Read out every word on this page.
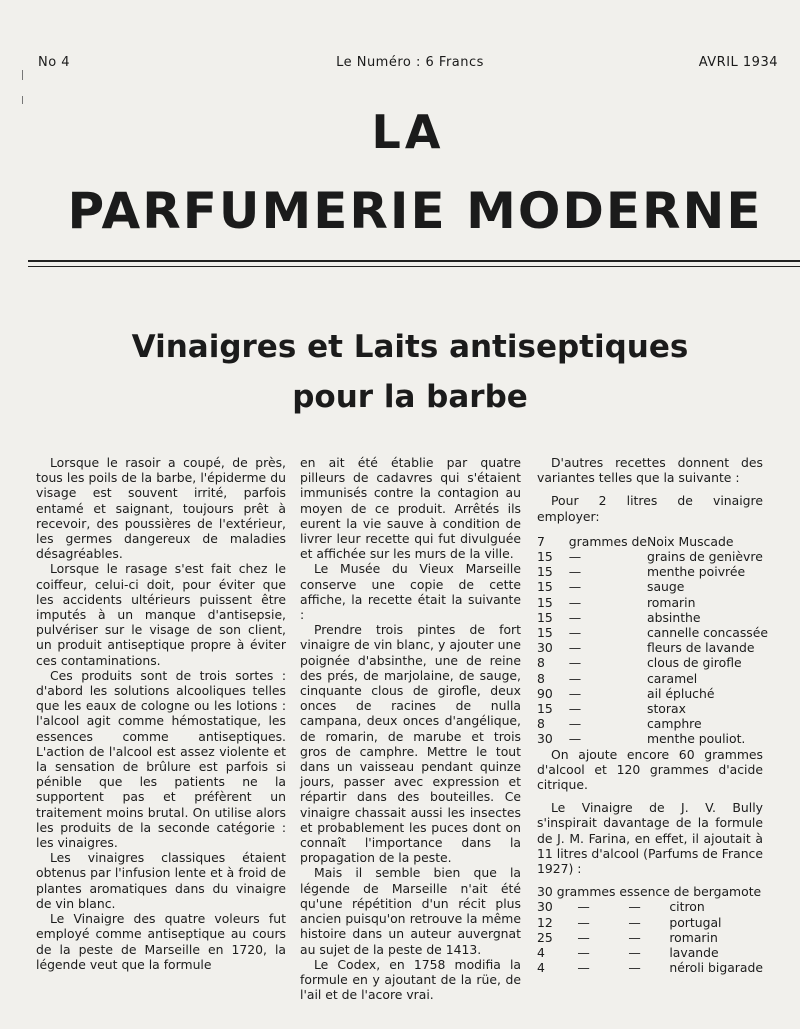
No 4	Le Numéro : 6 Francs	AVRIL 1934
LA
PARFUMERIE MODERNE
Vinaigres et Laits antiseptiques
pour la barbe

Lorsque le rasoir a coupé, de près, tous les poils de la barbe, l'épiderme du visage est souvent irrité, parfois entamé et saignant, toujours prêt à recevoir, des poussières de l'extérieur, les germes dangereux de maladies désagréables.

Lorsque le rasage s'est fait chez le coiffeur, celui-ci doit, pour éviter que les accidents ultérieurs puissent être imputés à un manque d'antisepsie, pulvériser sur le visage de son client, un produit antiseptique propre à éviter ces contaminations.

Ces produits sont de trois sortes : d'abord les solutions alcooliques telles que les eaux de cologne ou les lotions : l'alcool agit comme hémostatique, les essences comme antiseptiques. L'action de l'alcool est assez violente et la sensation de brûlure est parfois si pénible que les patients ne la supportent pas et préfèrent un traitement moins brutal. On utilise alors les produits de la seconde catégorie : les vinaigres.

Les vinaigres classiques étaient obtenus par l'infusion lente et à froid de plantes aromatiques dans du vinaigre de vin blanc.

Le Vinaigre des quatre voleurs fut employé comme antiseptique au cours de la peste de Marseille en 1720, la légende veut que la formule

en ait été établie par quatre pilleurs de cadavres qui s'étaient immunisés contre la contagion au moyen de ce produit. Arrêtés ils eurent la vie sauve à condition de livrer leur recette qui fut divulguée et affichée sur les murs de la ville.

Le Musée du Vieux Marseille conserve une copie de cette affiche, la recette était la suivante :

Prendre trois pintes de fort vinaigre de vin blanc, y ajouter une poignée d'absinthe, une de reine des prés, de marjolaine, de sauge, cinquante clous de girofle, deux onces de racines de nulla campana, deux onces d'angélique, de romarin, de marube et trois gros de camphre. Mettre le tout dans un vaisseau pendant quinze jours, passer avec expression et répartir dans des bouteilles. Ce vinaigre chassait aussi les insectes et probablement les puces dont on connaît l'importance dans la propagation de la peste.

Mais il semble bien que la légende de Marseille n'ait été qu'une répétition d'un récit plus ancien puisqu'on retrouve la même histoire dans un auteur auvergnat au sujet de la peste de 1413.

Le Codex, en 1758 modifia la formule en y ajoutant de la rüe, de l'ail et de l'acore vrai.

D'autres recettes donnent des variantes telles que la suivante :

Pour 2 litres de vinaigre employer:

7	grammes de	Noix Muscade
15	—	grains de genièvre
15	—	menthe poivrée
15	—	sauge
15	—	romarin
15	—	absinthe
15	—	cannelle concassée
30	—	fleurs de lavande
8	—	clous de girofle
8	—	caramel
90	—	ail épluché
15	—	storax
8	—	camphre
30	—	menthe pouliot.

On ajoute encore 60 grammes d'alcool et 120 grammes d'acide citrique.

Le Vinaigre de J. V. Bully s'inspirait davantage de la formule de J. M. Farina, en effet, il ajoutait à 11 litres d'alcool (Parfums de France 1927) :

30 grammes essence de bergamote

30	—	—	citron
12	—	—	portugal
25	—	—	romarin
4	—	—	lavande
4	—	—	néroli bigarade
